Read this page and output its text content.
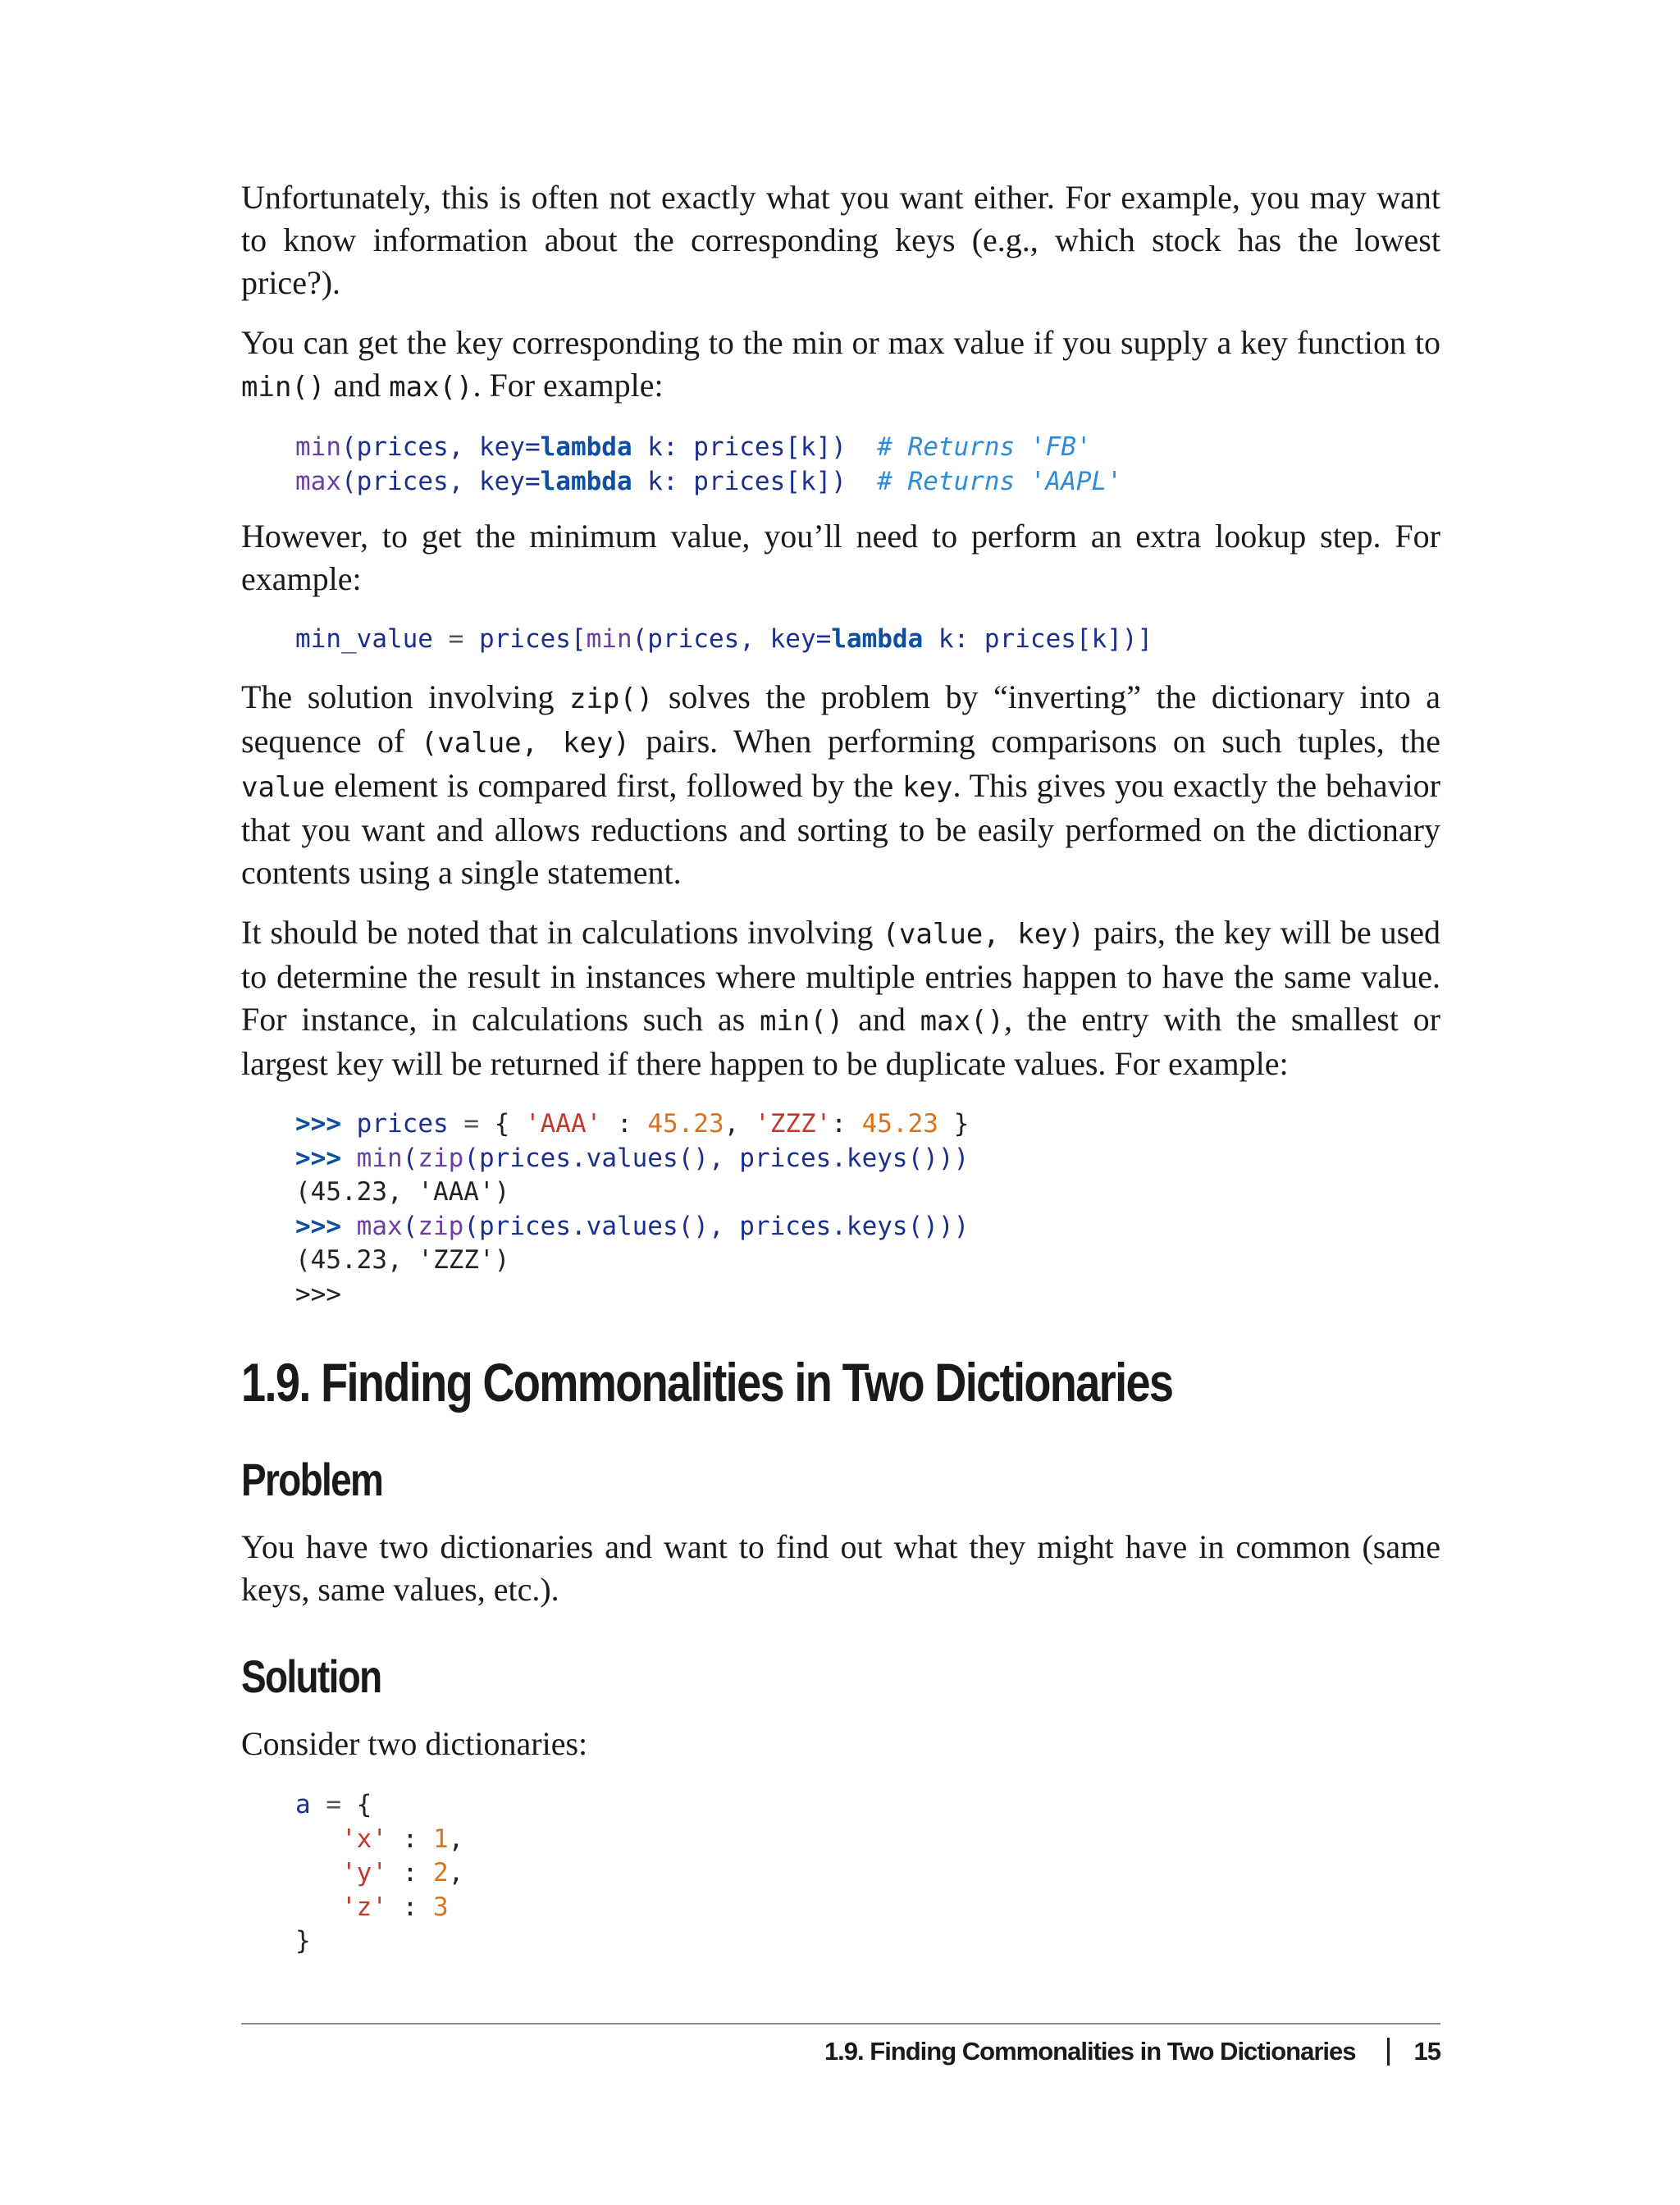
Unfortunately, this is often not exactly what you want either. For example, you may want to know information about the corresponding keys (e.g., which stock has the lowest price?).

You can get the key corresponding to the min or max value if you supply a key function to min() and max(). For example:

min(prices, key=lambda k: prices[k]) # Returns 'FB'
max(prices, key=lambda k: prices[k]) # Returns 'AAPL'

However, to get the minimum value, you’ll need to perform an extra lookup step. For example:

min_value = prices[min(prices, key=lambda k: prices[k])]

The solution involving zip() solves the problem by “inverting” the dictionary into a sequence of (value, key) pairs. When performing comparisons on such tuples, the value element is compared first, followed by the key. This gives you exactly the behavior that you want and allows reductions and sorting to be easily performed on the dictionary contents using a single statement.

It should be noted that in calculations involving (value, key) pairs, the key will be used to determine the result in instances where multiple entries happen to have the same value. For instance, in calculations such as min() and max(), the entry with the smallest or largest key will be returned if there happen to be duplicate values. For example:

>>> prices = { 'AAA' : 45.23, 'ZZZ': 45.23 }
>>> min(zip(prices.values(), prices.keys()))
(45.23, 'AAA')
>>> max(zip(prices.values(), prices.keys()))
(45.23, 'ZZZ')
>>>
1.9. Finding Commonalities in Two Dictionaries
Problem

You have two dictionaries and want to find out what they might have in common (same keys, same values, etc.).

Solution

Consider two dictionaries:

a = {
'x' : 1,
'y' : 2,
'z' : 3
}
1.9. Finding Commonalities in Two Dictionaries 15
